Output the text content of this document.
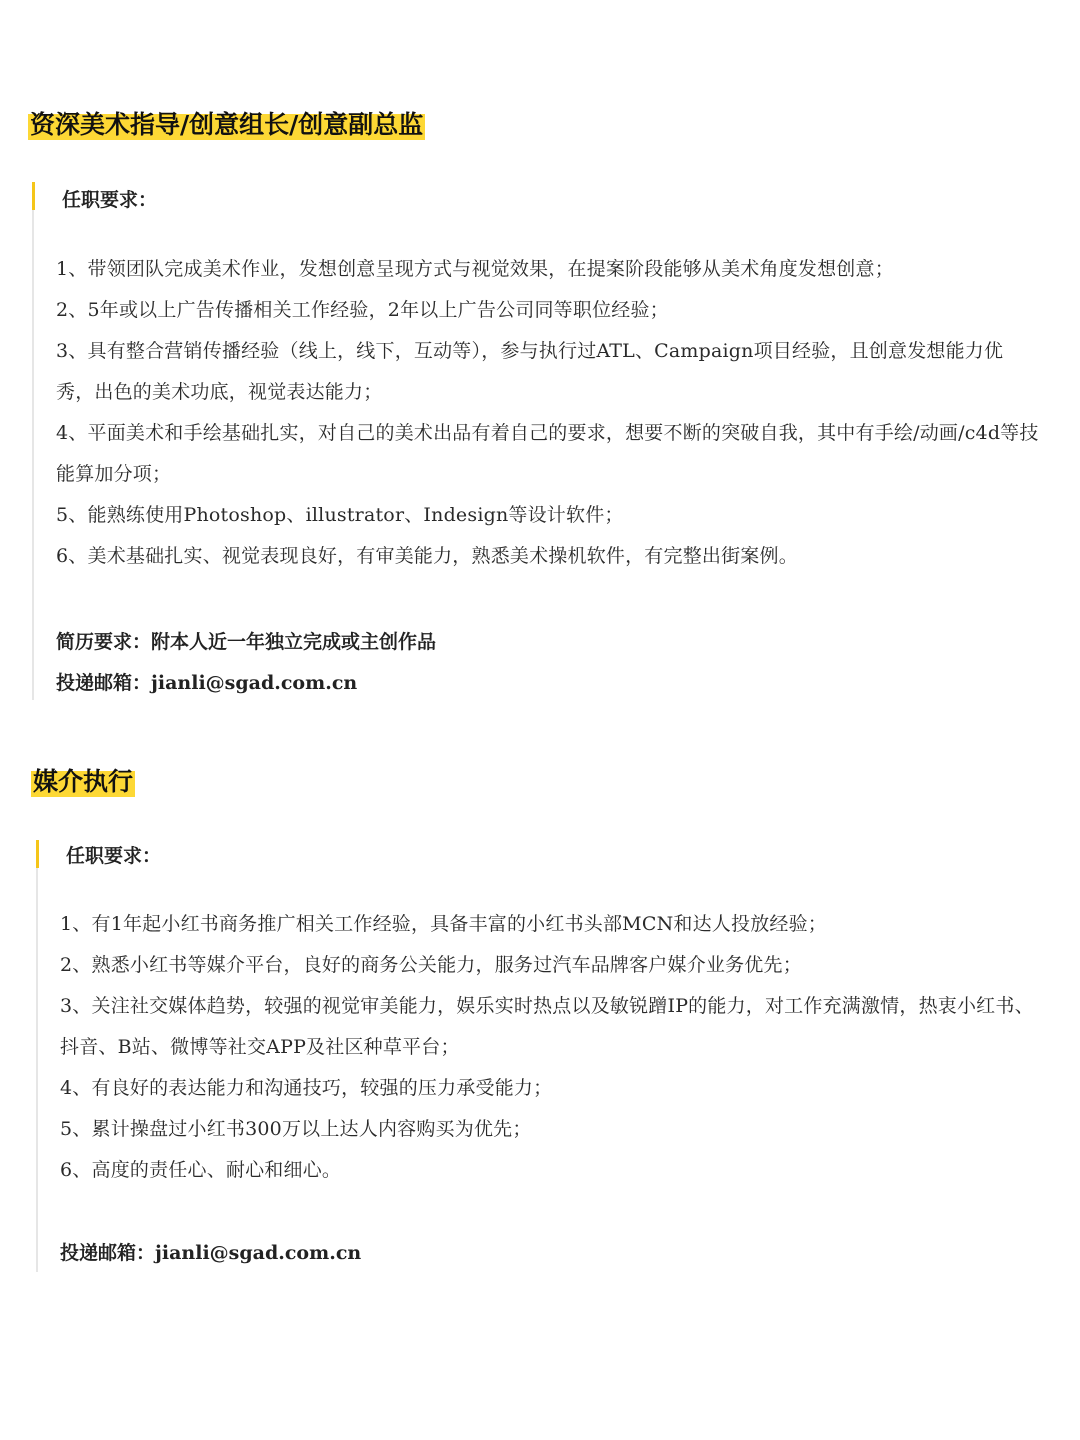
资深美术指导/创意组长/创意副总监
任职要求：
1、带领团队完成美术作业，发想创意呈现方式与视觉效果，在提案阶段能够从美术角度发想创意；
2、5年或以上广告传播相关工作经验，2年以上广告公司同等职位经验；
3、具有整合营销传播经验（线上，线下，互动等），参与执行过ATL、Campaign项目经验，且创意发想能力优秀，出色的美术功底，视觉表达能力；
4、平面美术和手绘基础扎实，对自己的美术出品有着自己的要求，想要不断的突破自我，其中有手绘/动画/c4d等技能算加分项；
5、能熟练使用Photoshop、illustrator、Indesign等设计软件；
6、美术基础扎实、视觉表现良好，有审美能力，熟悉美术操机软件，有完整出街案例。
简历要求：附本人近一年独立完成或主创作品
投递邮箱：jianli@sgad.com.cn
媒介执行
任职要求：
1、有1年起小红书商务推广相关工作经验，具备丰富的小红书头部MCN和达人投放经验；
2、熟悉小红书等媒介平台，良好的商务公关能力，服务过汽车品牌客户媒介业务优先；
3、关注社交媒体趋势，较强的视觉审美能力，娱乐实时热点以及敏锐蹭IP的能力，对工作充满激情，热衷小红书、抖音、B站、微博等社交APP及社区种草平台；
4、有良好的表达能力和沟通技巧，较强的压力承受能力；
5、累计操盘过小红书300万以上达人内容购买为优先；
6、高度的责任心、耐心和细心。
投递邮箱：jianli@sgad.com.cn
